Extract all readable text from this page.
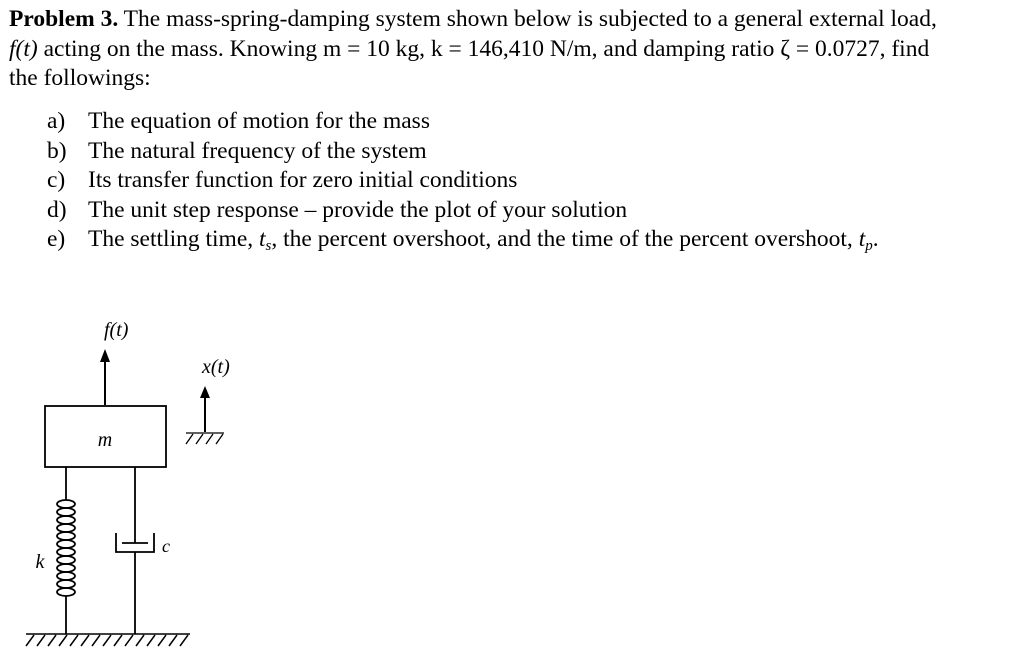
Problem 3. The mass-spring-damping system shown below is subjected to a general external load,
f(t) acting on the mass. Knowing m = 10 kg, k = 146,410 N/m, and damping ratio ζ = 0.0727, find
the followings:
a) The equation of motion for the mass
b) The natural frequency of the system
c) Its transfer function for zero initial conditions
d) The unit step response – provide the plot of your solution
e) The settling time, $t_s$, the percent overshoot, and the time of the percent overshoot, $t_p$.
f(t)
x(t)
m
k
c
